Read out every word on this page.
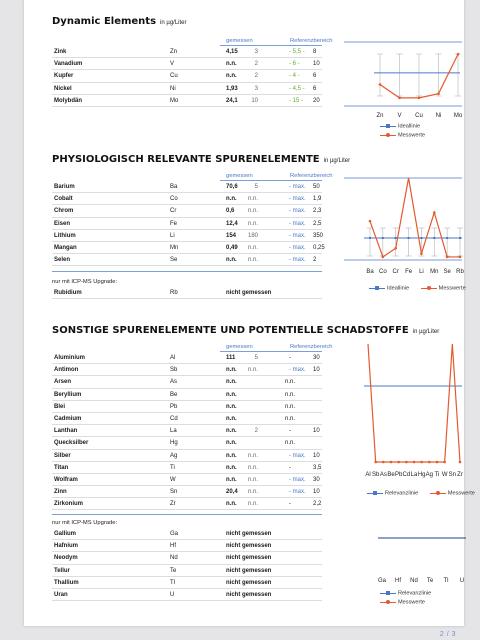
Dynamic Elements in µg/Liter
gemessen	Referenzbereich
Zink	Zn	4,15	3	- 5,5 - 8
Vanadium	V	n.n.	2	- 6 - 10
Kupfer	Cu	n.n.	2	- 4 - 6
Nickel	Ni	1,93	3	- 4,5 - 6
Molybdän	Mo	24,1 10	- 15 - 20
Zn V Cu Ni Mo
Ideallinie
Messwerte
PHYSIOLOGISCH RELEVANTE SPURENELEMENTE in µg/Liter
gemessen	Referenzbereich
Barium	Ba	70,6	5	- max. 50
Cobalt	Co	n.n. n.n.	- max. 1,9
Chrom	Cr	0,6 n.n.	- max. 2,3
Eisen	Fe	12,4 n.n.	- max. 2,5
Lithium	Li	154 180	- max. 350
Mangan	Mn	0,49 n.n.	- max. 0,25
Selen	Se	n.n. n.n.	- max. 2
nur mit ICP-MS Upgrade:
Rubidium	Rb	nicht gemessen
Ba Co Cr Fe Li Mn Se Rb
Ideallinie	Messwerte
SONSTIGE SPURENELEMENTE UND POTENTIELLE SCHADSTOFFE in µg/Liter
gemessen	Referenzbereich
Aluminium	Al	111	5	-	30
Antimon	Sb	n.n. n.n.	- max. 10
Arsen	As	n.n.	n.n.
Beryllium	Be	n.n.	n.n.
Blei	Pb	n.n.	n.n.
Cadmium	Cd	n.n.	n.n.
Lanthan	La	n.n.	2	-	10
Quecksilber	Hg	n.n.	n.n.
Silber	Ag	n.n. n.n.	- max. 10
Titan	Ti	n.n. n.n.	-	3,5
Wolfram	W	n.n. n.n.	- max. 30
Zinn	Sn	20,4 n.n.	- max. 10
Zirkonium	Zr	n.n. n.n.	-	2,2
nur mit ICP-MS Upgrade:
Gallium	Ga	nicht gemessen
Hafnium	Hf	nicht gemessen
Neodym	Nd	nicht gemessen
Tellur	Te	nicht gemessen
Thallium	Tl	nicht gemessen
Uran	U	nicht gemessen
Al Sb As Be Pb Cd La Hg Ag Ti W Sn Zr
Relevanzlinie	Messwerte
Ga Hf Nd Te Tl U
Relevanzlinie
Messwerte
2 / 3
